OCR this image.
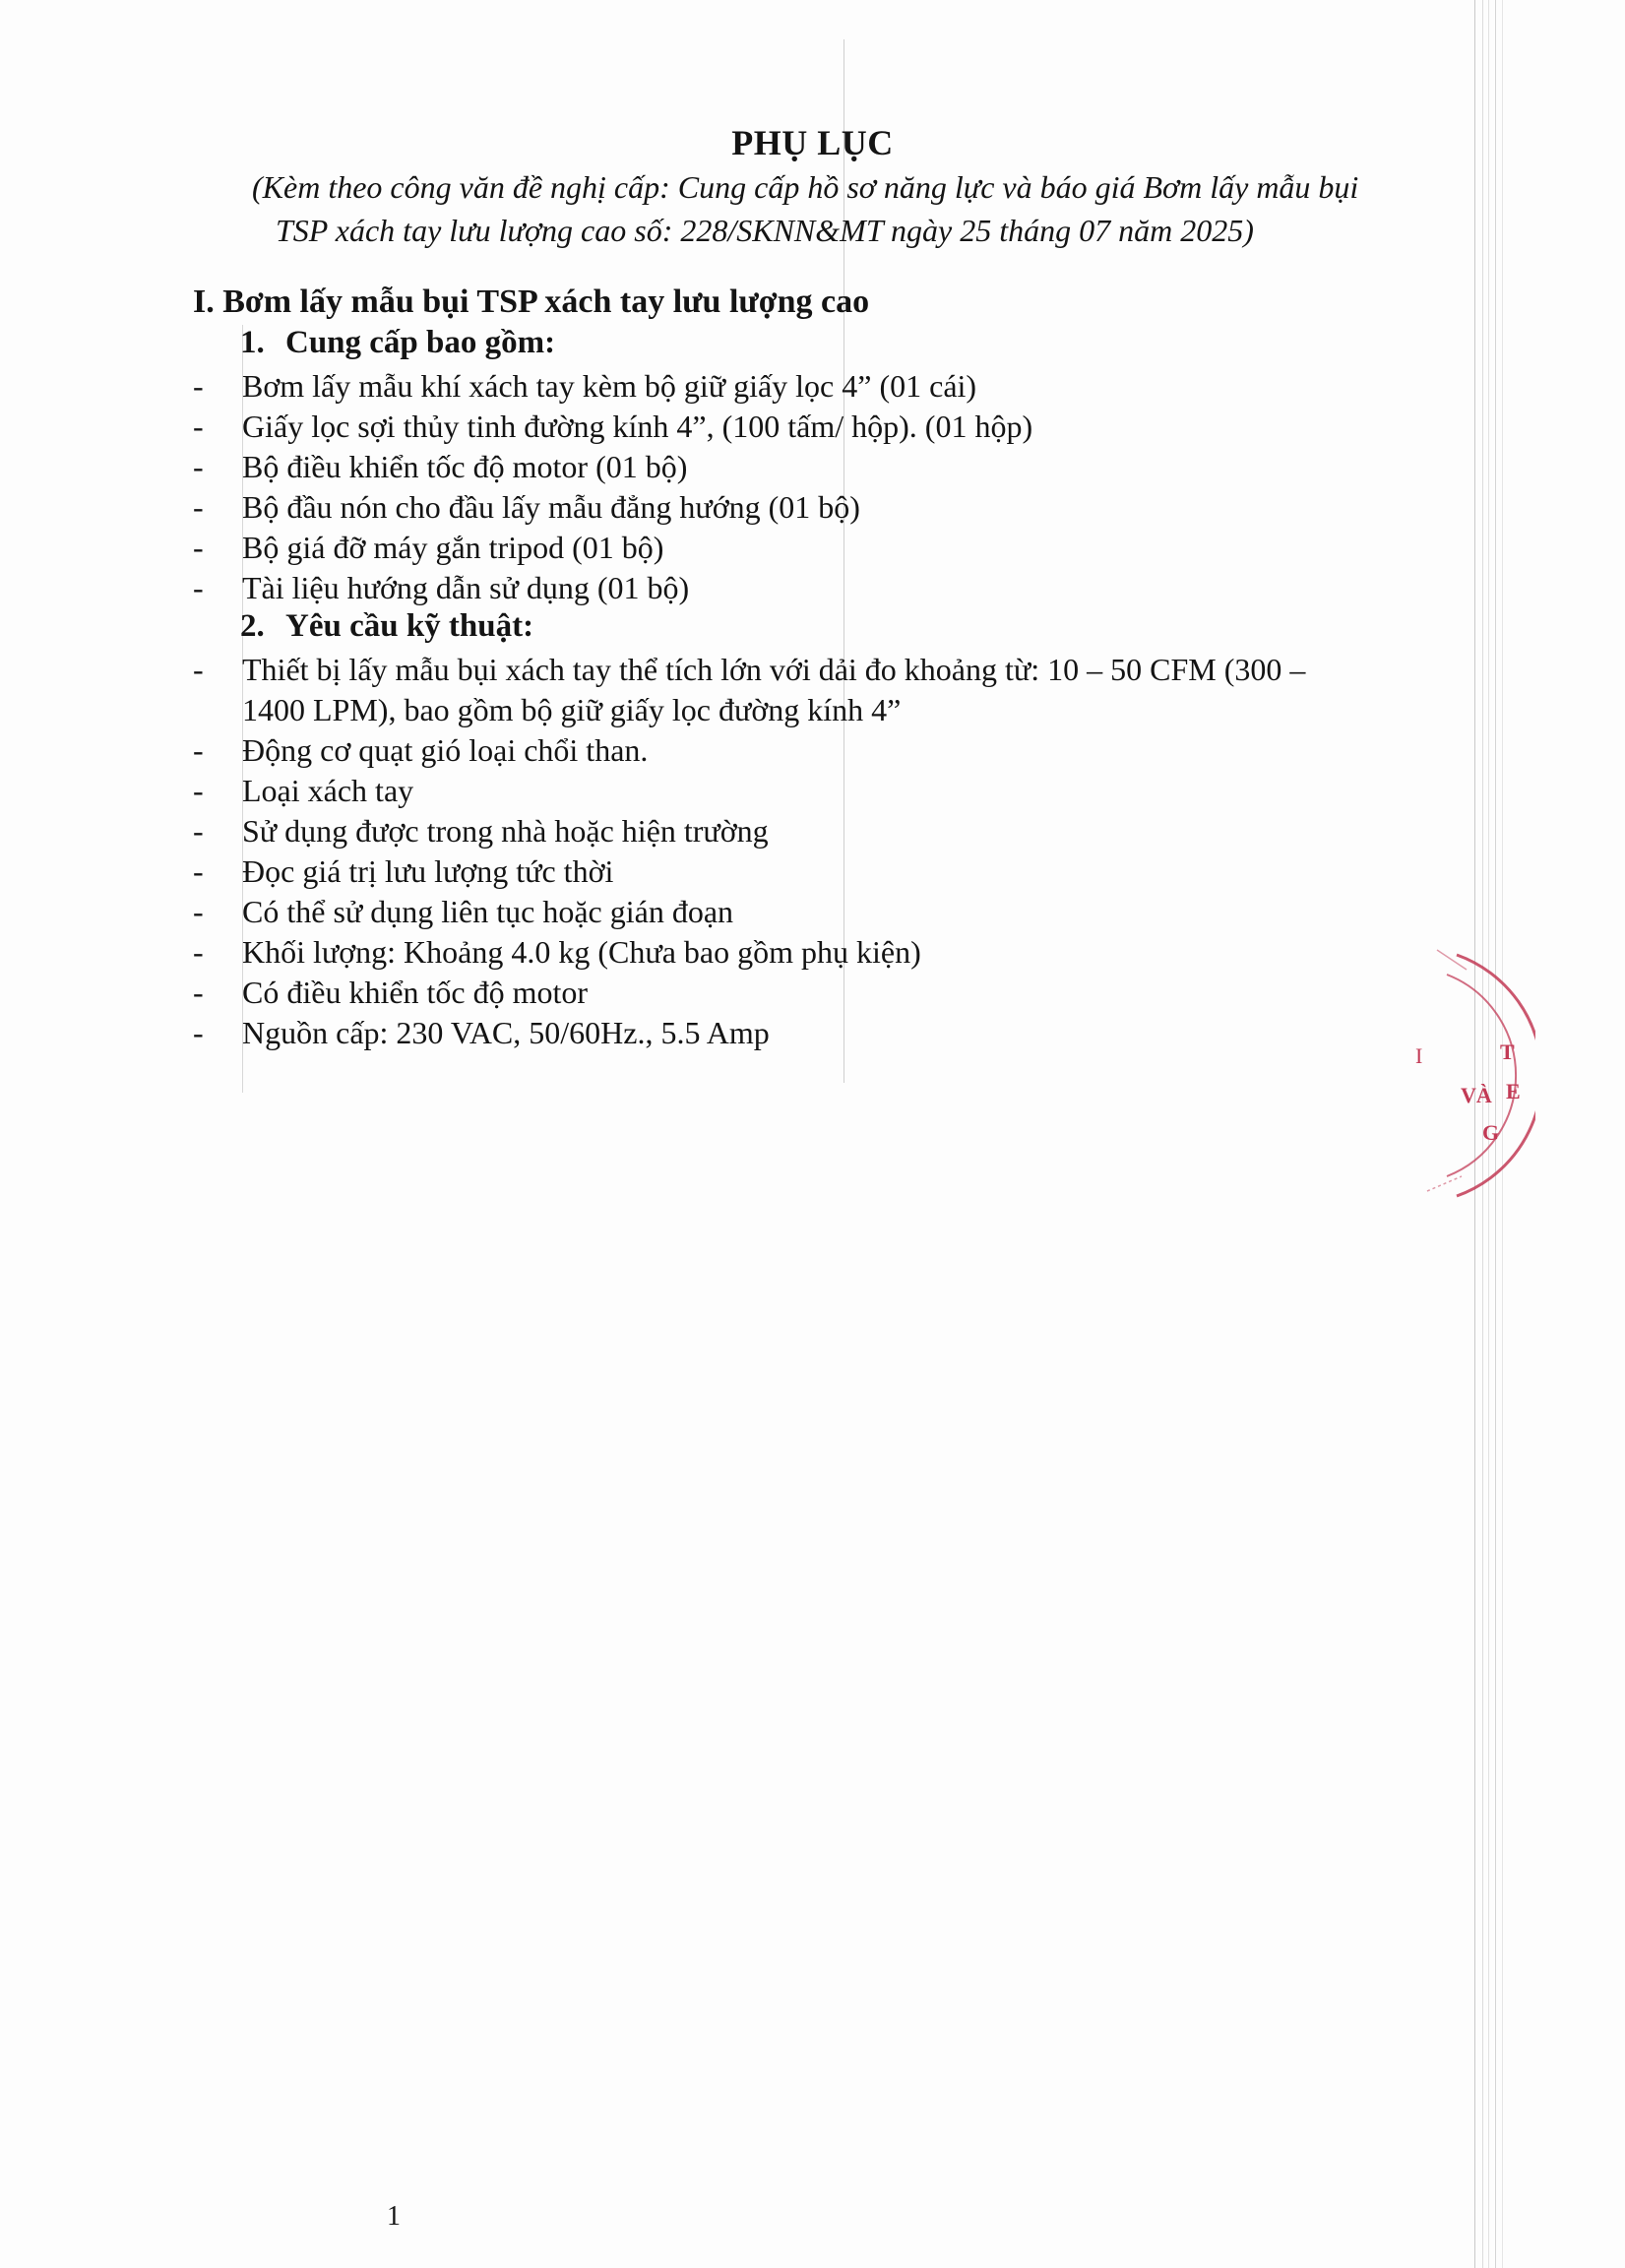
PHỤ LỤC
(Kèm theo công văn đề nghị cấp: Cung cấp hồ sơ năng lực và báo giá Bơm lấy mẫu bụi
TSP xách tay lưu lượng cao số: 228/SKNN&MT ngày 25 tháng 07 năm 2025)
I. Bơm lấy mẫu bụi TSP xách tay lưu lượng cao
1. Cung cấp bao gồm:
- Bơm lấy mẫu khí xách tay kèm bộ giữ giấy lọc 4” (01 cái)
- Giấy lọc sợi thủy tinh đường kính 4”, (100 tấm/ hộp). (01 hộp)
- Bộ điều khiển tốc độ motor (01 bộ)
- Bộ đầu nón cho đầu lấy mẫu đẳng hướng (01 bộ)
- Bộ giá đỡ máy gắn tripod (01 bộ)
- Tài liệu hướng dẫn sử dụng (01 bộ)
2. Yêu cầu kỹ thuật:
- Thiết bị lấy mẫu bụi xách tay thể tích lớn với dải đo khoảng từ: 10 – 50 CFM (300 –
1400 LPM), bao gồm bộ giữ giấy lọc đường kính 4”
- Động cơ quạt gió loại chổi than.
- Loại xách tay
- Sử dụng được trong nhà hoặc hiện trường
- Đọc giá trị lưu lượng tức thời
- Có thể sử dụng liên tục hoặc gián đoạn
- Khối lượng: Khoảng 4.0 kg (Chưa bao gồm phụ kiện)
- Có điều khiển tốc độ motor
- Nguồn cấp: 230 VAC, 50/60Hz., 5.5 Amp
T
VÀ E
G
I
1
